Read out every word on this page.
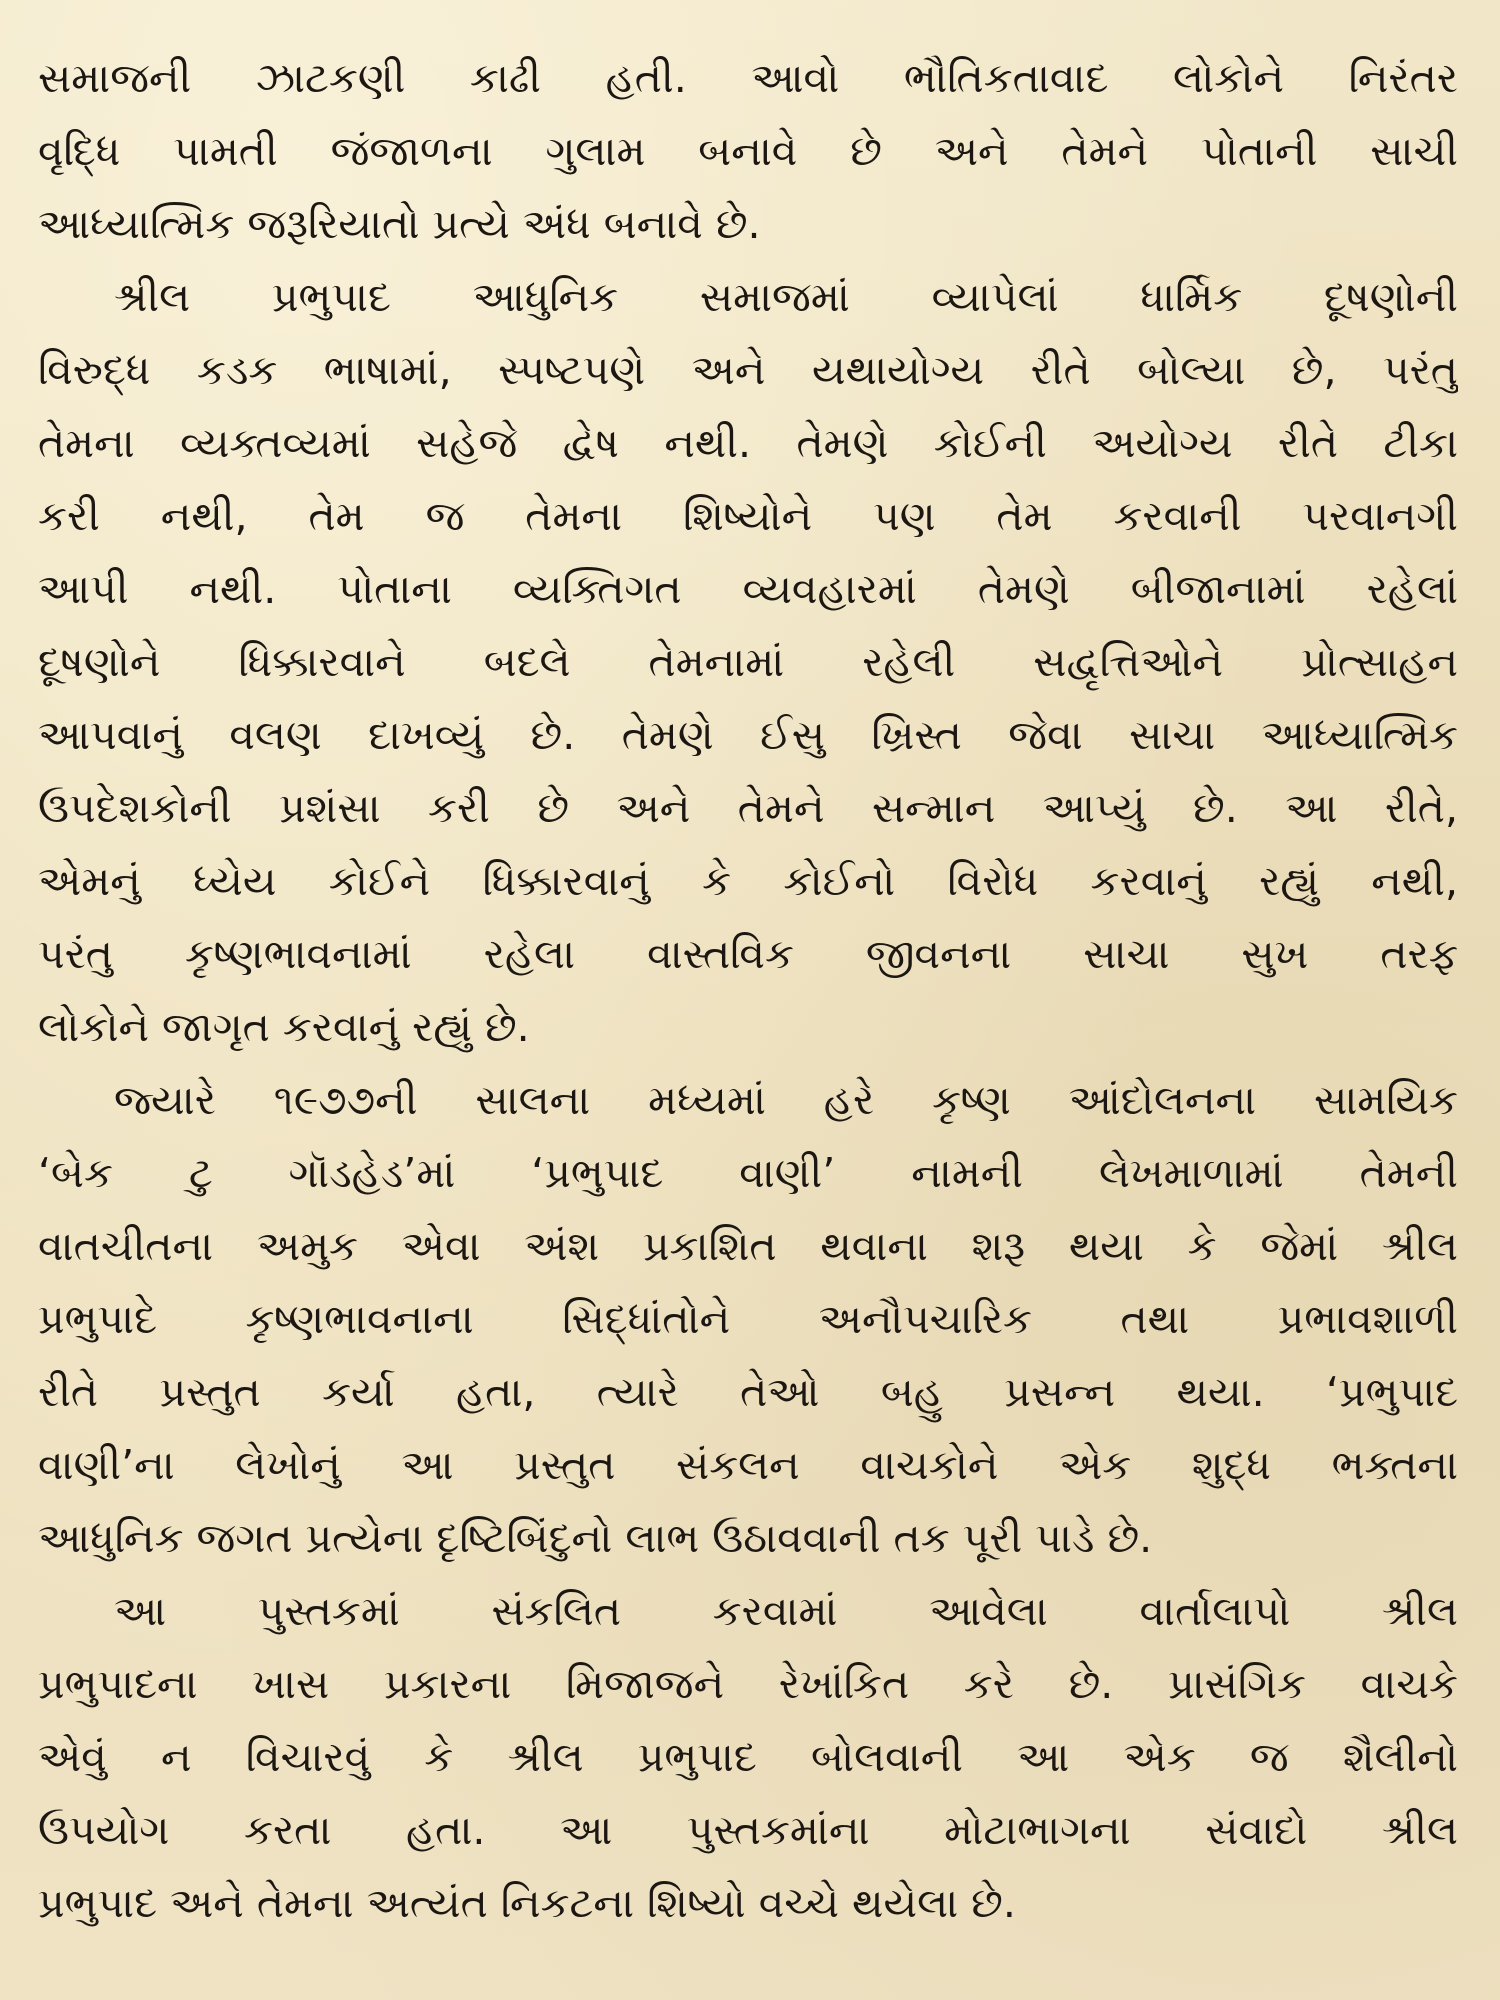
સમાજની ઝાટકણી કાઢી હતી. આવો ભૌતિકતાવાદ લોકોને નિરંતર
વૃદ્ધિ પામતી જંજાળના ગુલામ બનાવે છે અને તેમને પોતાની સાચી
આધ્યાત્મિક જરૂરિયાતો પ્રત્યે અંધ બનાવે છે.

શ્રીલ પ્રભુપાદ આધુનિક સમાજમાં વ્યાપેલાં ધાર્મિક દૂષણોની
વિરુદ્ધ કડક ભાષામાં, સ્પષ્ટપણે અને યથાયોગ્ય રીતે બોલ્યા છે, પરંતુ
તેમના વ્યક્તવ્યમાં સહેજે દ્વેષ નથી. તેમણે કોઈની અયોગ્ય રીતે ટીકા
કરી નથી, તેમ જ તેમના શિષ્યોને પણ તેમ કરવાની પરવાનગી
આપી નથી. પોતાના વ્યક્તિગત વ્યવહારમાં તેમણે બીજાનામાં રહેલાં
દૂષણોને ધિક્કારવાને બદલે તેમનામાં રહેલી સદ્વૃત્તિઓને પ્રોત્સાહન
આપવાનું વલણ દાખવ્યું છે. તેમણે ઈસુ ખ્રિસ્ત જેવા સાચા આધ્યાત્મિક
ઉપદેશકોની પ્રશંસા કરી છે અને તેમને સન્માન આપ્યું છે. આ રીતે,
એમનું ધ્યેય કોઈને ધિક્કારવાનું કે કોઈનો વિરોધ કરવાનું રહ્યું નથી,
પરંતુ કૃષ્ણભાવનામાં રહેલા વાસ્તવિક જીવનના સાચા સુખ તરફ
લોકોને જાગૃત કરવાનું રહ્યું છે.

જ્યારે ૧૯૭૭ની સાલના મધ્યમાં હરે કૃષ્ણ આંદોલનના સામયિક
‘બેક ટુ ગૉડહેડ’માં ‘પ્રભુપાદ વાણી’ નામની લેખમાળામાં તેમની
વાતચીતના અમુક એવા અંશ પ્રકાશિત થવાના શરૂ થયા કે જેમાં શ્રીલ
પ્રભુપાદે કૃષ્ણભાવનાના સિદ્ધાંતોને અનૌપચારિક તથા પ્રભાવશાળી
રીતે પ્રસ્તુત કર્યા હતા, ત્યારે તેઓ બહુ પ્રસન્ન થયા. ‘પ્રભુપાદ
વાણી’ના લેખોનું આ પ્રસ્તુત સંકલન વાચકોને એક શુદ્ધ ભક્તના
આધુનિક જગત પ્રત્યેના દૃષ્ટિબિંદુનો લાભ ઉઠાવવાની તક પૂરી પાડે છે.

આ પુસ્તકમાં સંકલિત કરવામાં આવેલા વાર્તાલાપો શ્રીલ
પ્રભુપાદના ખાસ પ્રકારના મિજાજને રેખાંકિત કરે છે. પ્રાસંગિક વાચકે
એવું ન વિચારવું કે શ્રીલ પ્રભુપાદ બોલવાની આ એક જ શૈલીનો
ઉપયોગ કરતા હતા. આ પુસ્તકમાંના મોટાભાગના સંવાદો શ્રીલ
પ્રભુપાદ અને તેમના અત્યંત નિકટના શિષ્યો વચ્ચે થયેલા છે.
